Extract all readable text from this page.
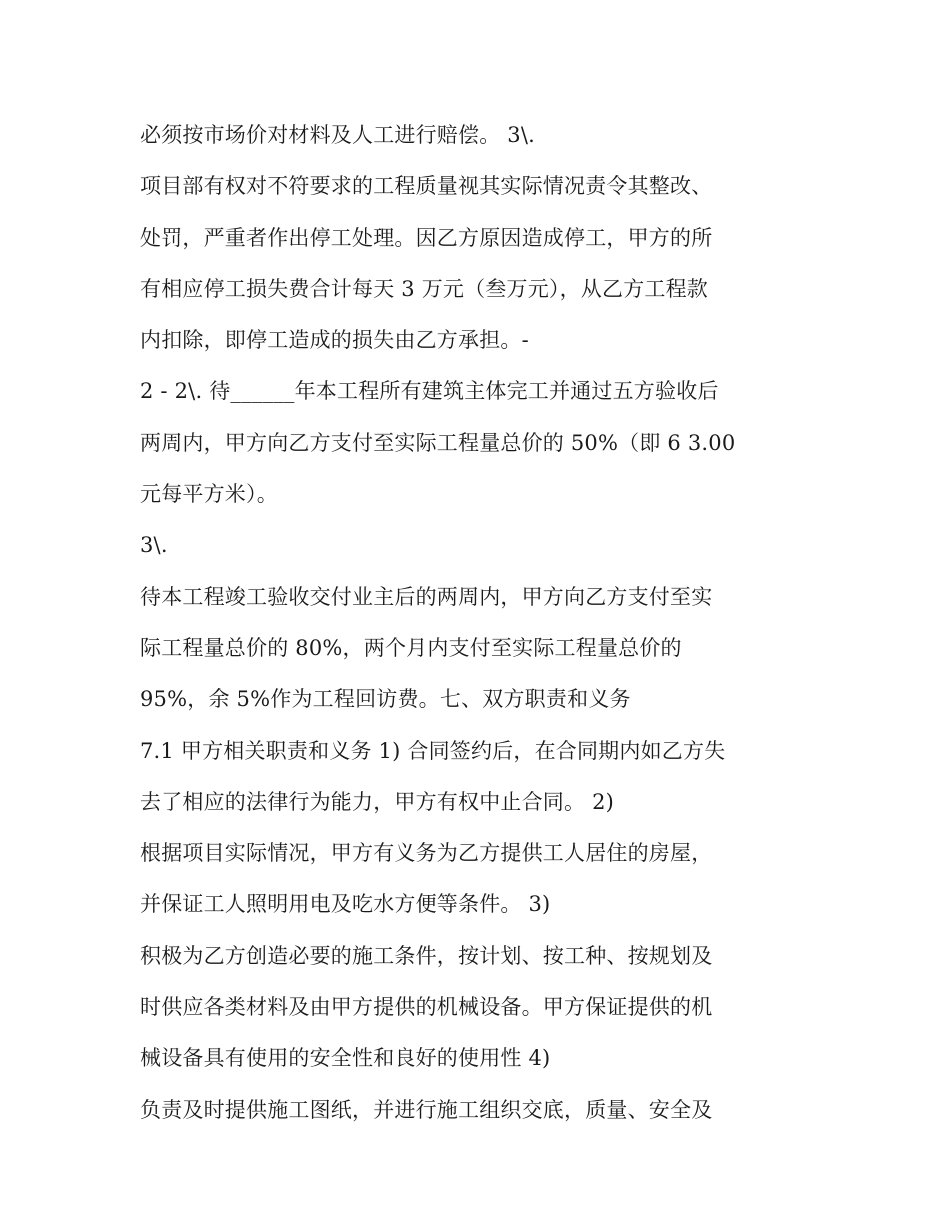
必须按市场价对材料及人工进行赔偿。 3\.
项目部有权对不符要求的工程质量视其实际情况责令其整改、
处罚，严重者作出停工处理。因乙方原因造成停工，甲方的所
有相应停工损失费合计每天 3 万元（叁万元），从乙方工程款
内扣除，即停工造成的损失由乙方承担。-
2 - 2\. 待______年本工程所有建筑主体完工并通过五方验收后
两周内，甲方向乙方支付至实际工程量总价的 50%（即 6 3.00
元每平方米）。
3\.
待本工程竣工验收交付业主后的两周内，甲方向乙方支付至实
际工程量总价的 80%，两个月内支付至实际工程量总价的
95%，余 5%作为工程回访费。七、双方职责和义务
7.1 甲方相关职责和义务 1) 合同签约后，在合同期内如乙方失
去了相应的法律行为能力，甲方有权中止合同。 2)
根据项目实际情况，甲方有义务为乙方提供工人居住的房屋，
并保证工人照明用电及吃水方便等条件。 3)
积极为乙方创造必要的施工条件，按计划、按工种、按规划及
时供应各类材料及由甲方提供的机械设备。甲方保证提供的机
械设备具有使用的安全性和良好的使用性 4)
负责及时提供施工图纸，并进行施工组织交底，质量、安全及
